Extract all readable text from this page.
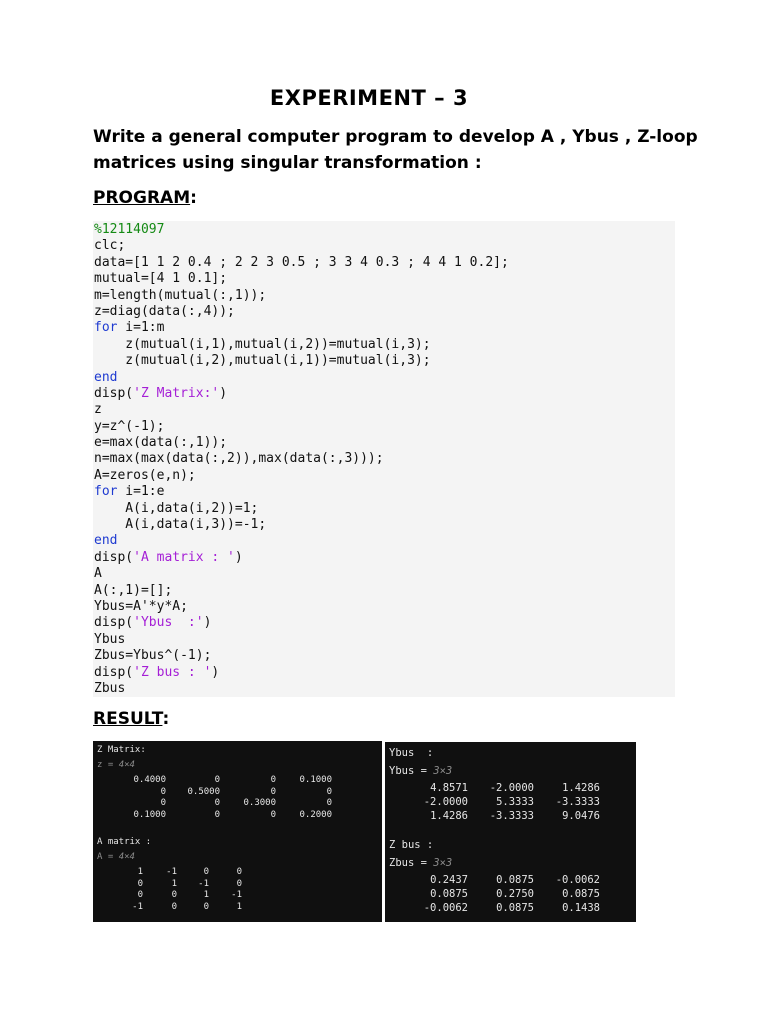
EXPERIMENT – 3
Write a general computer program to develop A , Ybus , Z-loop matrices using singular transformation :
PROGRAM:
%12114097
clc;
data=[1 1 2 0.4 ; 2 2 3 0.5 ; 3 3 4 0.3 ; 4 4 1 0.2];
mutual=[4 1 0.1];
m=length(mutual(:,1));
z=diag(data(:,4));
for i=1:m
z(mutual(i,1),mutual(i,2))=mutual(i,3);
z(mutual(i,2),mutual(i,1))=mutual(i,3);
end
disp('Z Matrix:')
z
y=z^(-1);
e=max(data(:,1));
n=max(max(data(:,2)),max(data(:,3)));
A=zeros(e,n);
for i=1:e
A(i,data(i,2))=1;
A(i,data(i,3))=-1;
end
disp('A matrix : ')
A
A(:,1)=[];
Ybus=A'*y*A;
disp('Ybus  :')
Ybus
Zbus=Ybus^(-1);
disp('Z bus : ')
Zbus
RESULT:
Z Matrix:
z = 4×4
0.4000	0	0	0.1000
0	0.5000	0	0
0	0	0.3000	0
0.1000	0	0	0.2000
A matrix :
A = 4×4
1	-1	0	0
0	1	-1	0
0	0	1	-1
-1	0	0	1
Ybus  :
Ybus = 3×3
4.8571	-2.0000	1.4286
-2.0000	5.3333	-3.3333
1.4286	-3.3333	9.0476
Z bus :
Zbus = 3×3
0.2437	0.0875	-0.0062
0.0875	0.2750	0.0875
-0.0062	0.0875	0.1438
